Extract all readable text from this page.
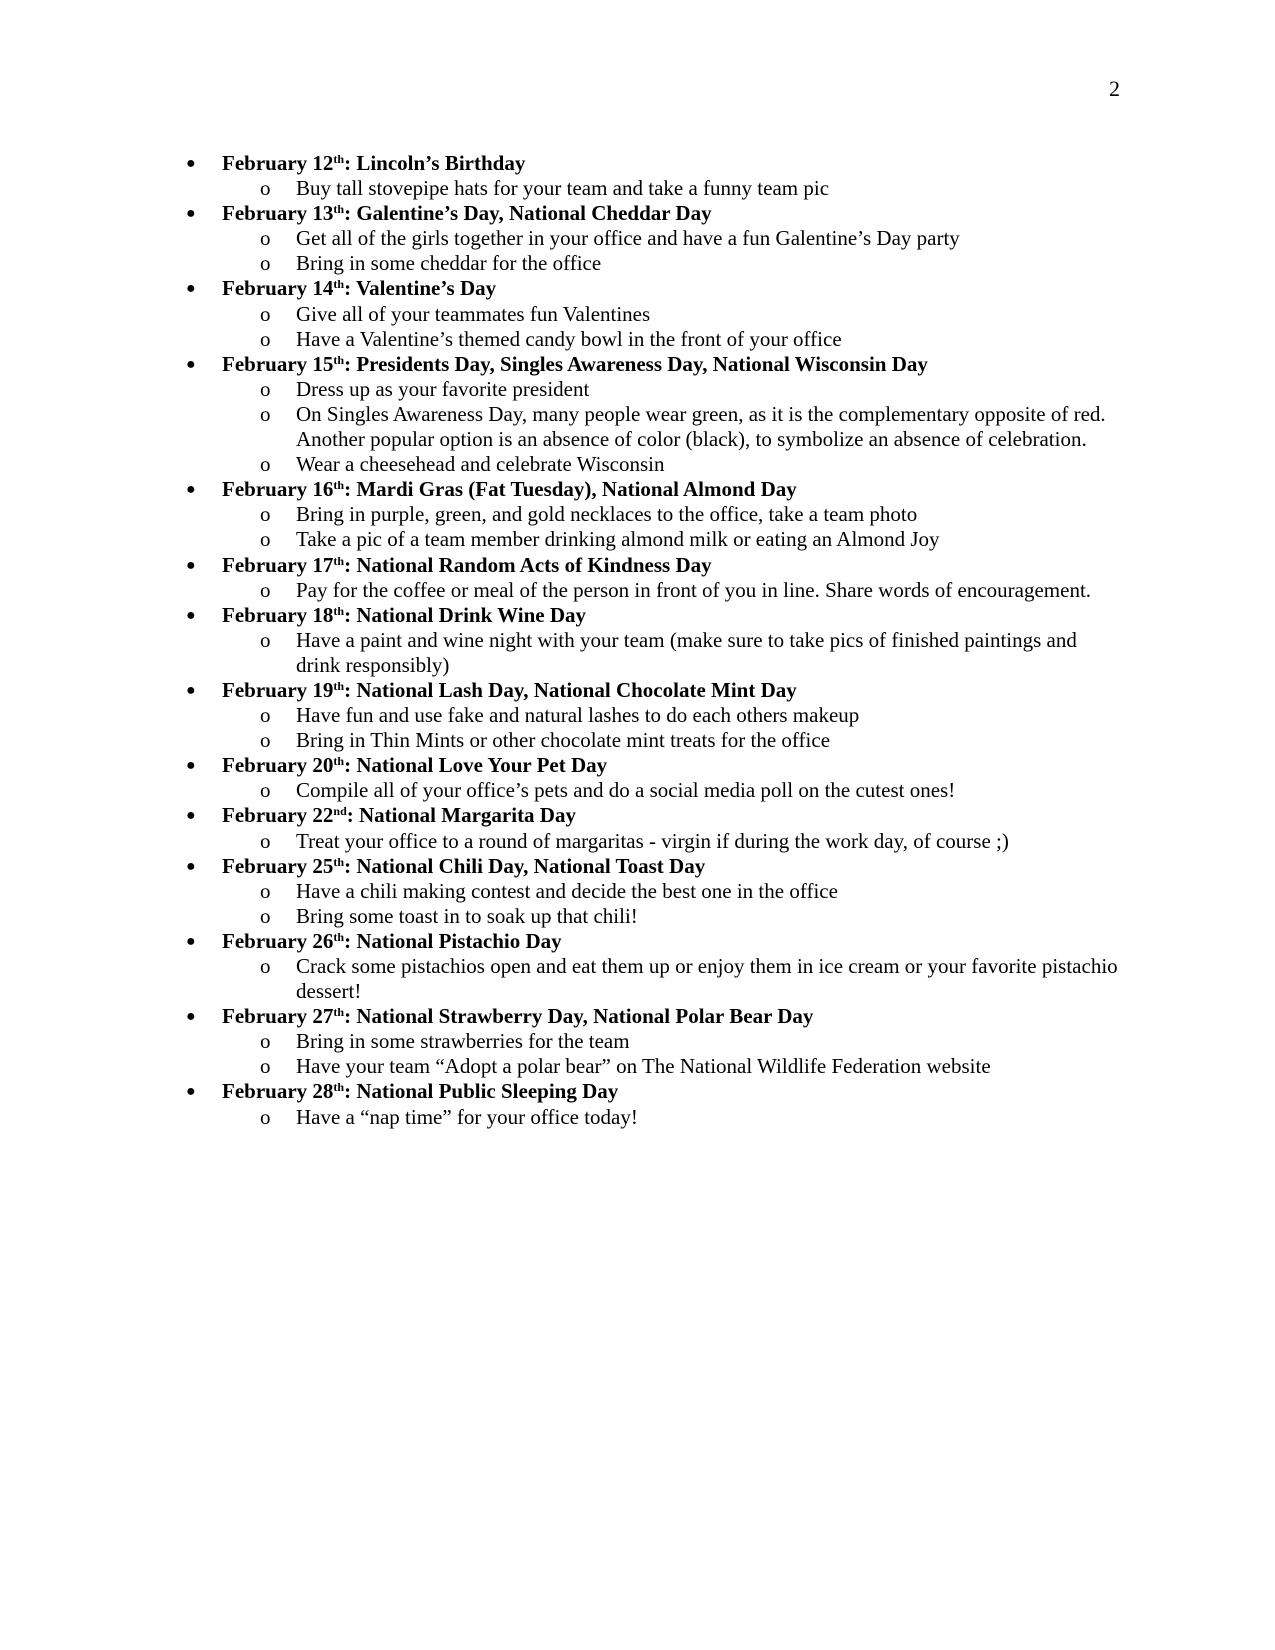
2
● February 12th: Lincoln’s Birthday
o Buy tall stovepipe hats for your team and take a funny team pic
● February 13th: Galentine’s Day, National Cheddar Day
o Get all of the girls together in your office and have a fun Galentine’s Day party
o Bring in some cheddar for the office
● February 14th: Valentine’s Day
o Give all of your teammates fun Valentines
o Have a Valentine’s themed candy bowl in the front of your office
● February 15th: Presidents Day, Singles Awareness Day, National Wisconsin Day
o Dress up as your favorite president
o On Singles Awareness Day, many people wear green, as it is the complementary opposite of red. Another popular option is an absence of color (black), to symbolize an absence of celebration.
o Wear a cheesehead and celebrate Wisconsin
● February 16th: Mardi Gras (Fat Tuesday), National Almond Day
o Bring in purple, green, and gold necklaces to the office, take a team photo
o Take a pic of a team member drinking almond milk or eating an Almond Joy
● February 17th: National Random Acts of Kindness Day
o Pay for the coffee or meal of the person in front of you in line. Share words of encouragement.
● February 18th: National Drink Wine Day
o Have a paint and wine night with your team (make sure to take pics of finished paintings and drink responsibly)
● February 19th: National Lash Day, National Chocolate Mint Day
o Have fun and use fake and natural lashes to do each others makeup
o Bring in Thin Mints or other chocolate mint treats for the office
● February 20th: National Love Your Pet Day
o Compile all of your office’s pets and do a social media poll on the cutest ones!
● February 22nd: National Margarita Day
o Treat your office to a round of margaritas - virgin if during the work day, of course ;)
● February 25th: National Chili Day, National Toast Day
o Have a chili making contest and decide the best one in the office
o Bring some toast in to soak up that chili!
● February 26th: National Pistachio Day
o Crack some pistachios open and eat them up or enjoy them in ice cream or your favorite pistachio dessert!
● February 27th: National Strawberry Day, National Polar Bear Day
o Bring in some strawberries for the team
o Have your team “Adopt a polar bear” on The National Wildlife Federation website
● February 28th: National Public Sleeping Day
o Have a “nap time” for your office today!
